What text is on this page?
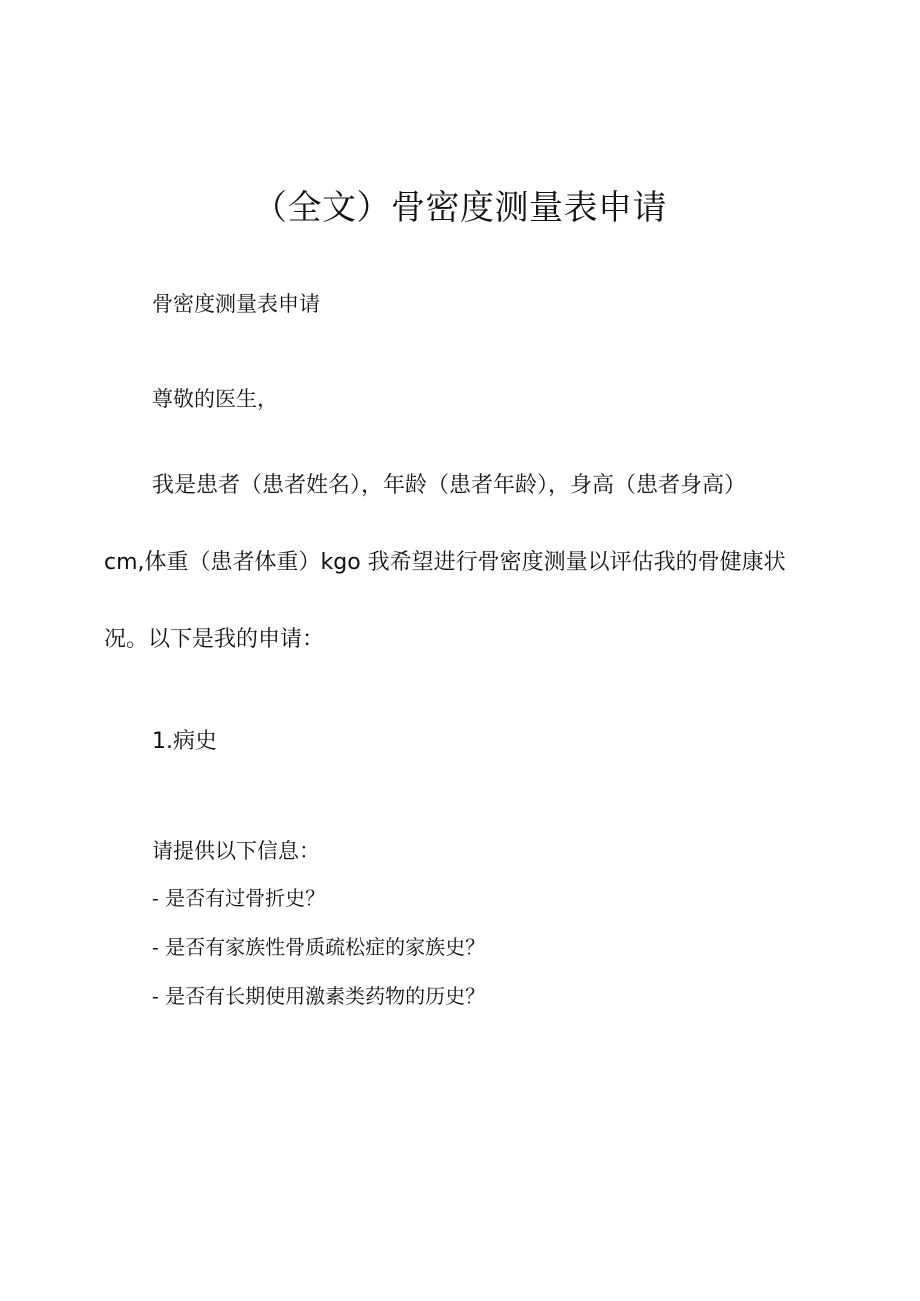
（全文）骨密度测量表申请
骨密度测量表申请
尊敬的医生，
我是患者（患者姓名），年龄（患者年龄），身高（患者身高）
cm,体重（患者体重）kgo 我希望进行骨密度测量以评估我的骨健康状
况。以下是我的申请：
1.病史
请提供以下信息：
- 是否有过骨折史？
- 是否有家族性骨质疏松症的家族史？
- 是否有长期使用激素类药物的历史？
